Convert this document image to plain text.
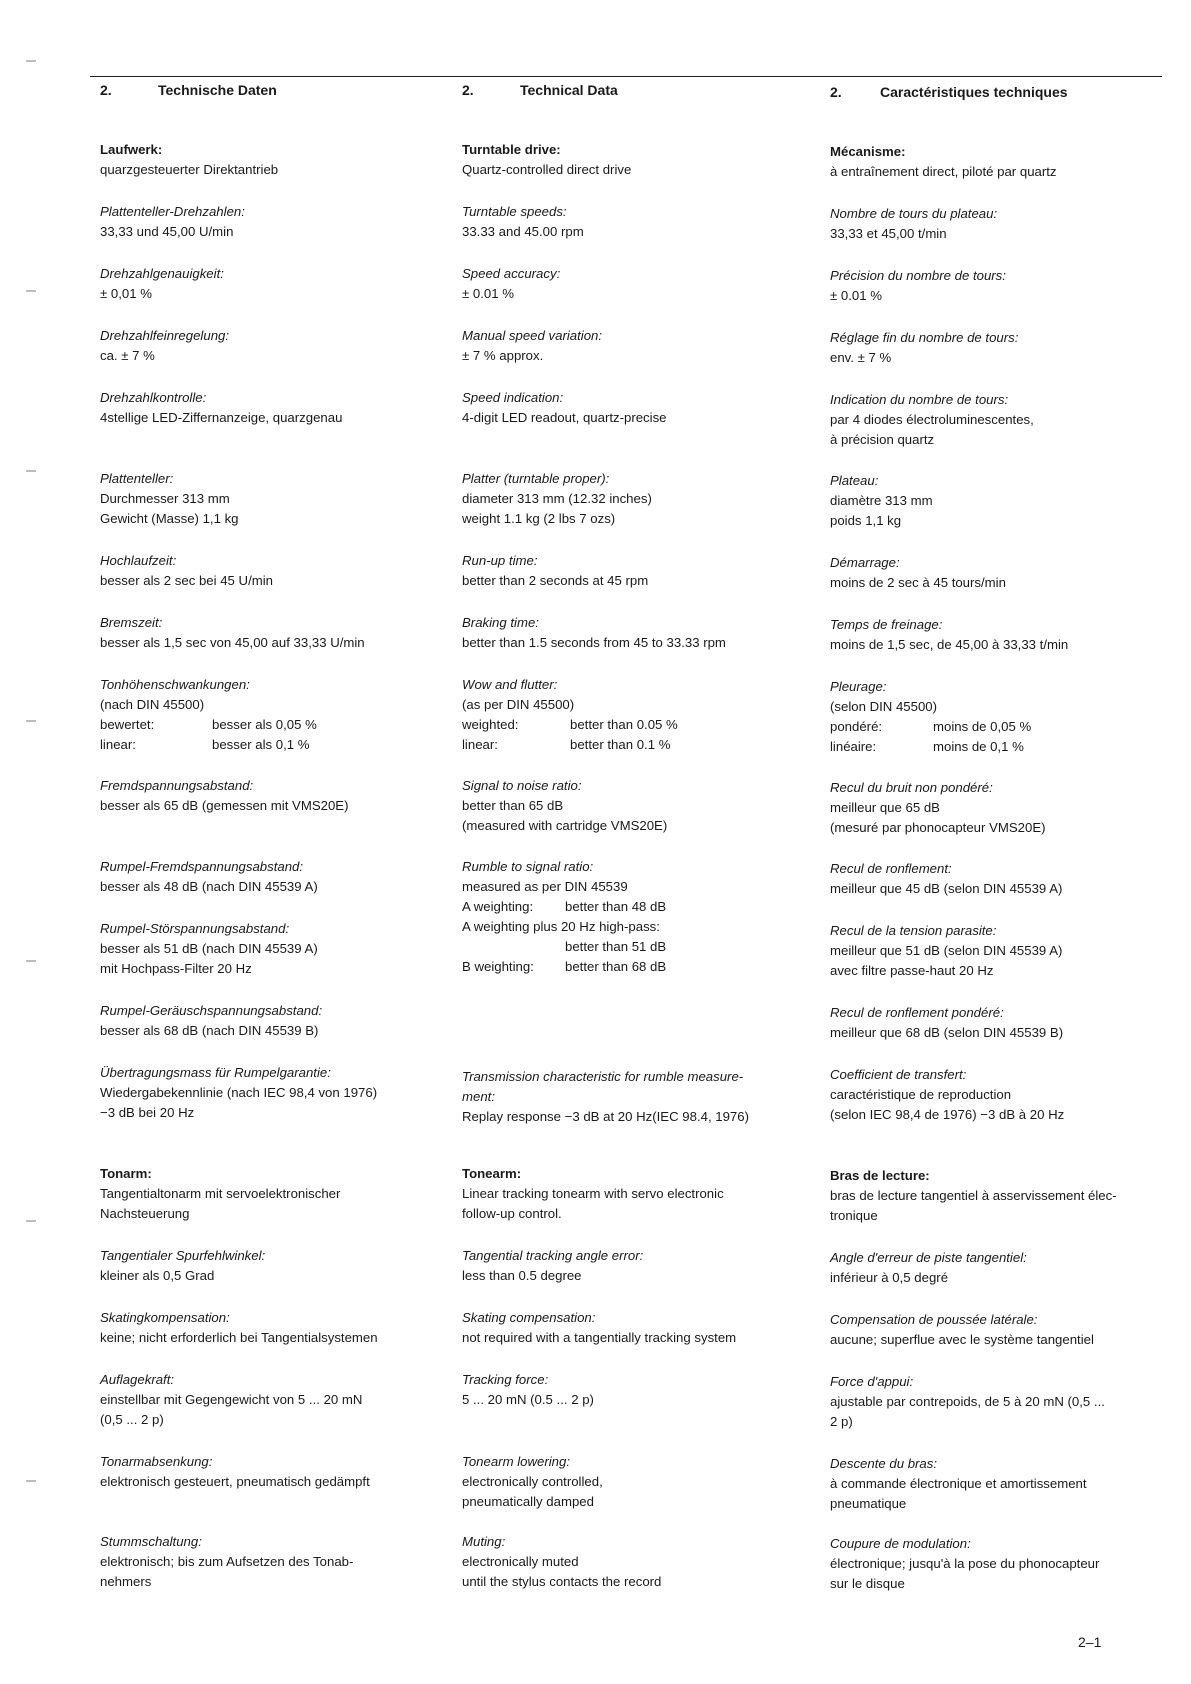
2.	Technische Daten
Laufwerk:
quarzgesteuerter Direktantrieb
Plattenteller-Drehzahlen:
33,33 und 45,00 U/min
Drehzahlgenauigkeit:
± 0,01 %
Drehzahlfeinregelung:
ca. ± 7 %
Drehzahlkontrolle:
4stellige LED-Ziffernanzeige, quarzgenau
Plattenteller:
Durchmesser 313 mm
Gewicht (Masse) 1,1 kg
Hochlaufzeit:
besser als 2 sec bei 45 U/min
Bremszeit:
besser als 1,5 sec von 45,00 auf 33,33 U/min
Tonhöhenschwankungen:
(nach DIN 45500)
bewertet:	besser als 0,05 %
linear:	besser als 0,1 %
Fremdspannungsabstand:
besser als 65 dB (gemessen mit VMS20E)
Rumpel-Fremdspannungsabstand:
besser als 48 dB (nach DIN 45539 A)
Rumpel-Störspannungsabstand:
besser als 51 dB (nach DIN 45539 A)
mit Hochpass-Filter 20 Hz
Rumpel-Geräuschspannungsabstand:
besser als 68 dB (nach DIN 45539 B)
Übertragungsmass für Rumpelgarantie:
Wiedergabekennlinie (nach IEC 98,4 von 1976)
−3 dB bei 20 Hz
Tonarm:
Tangentialtonarm mit servoelektronischer
Nachsteuerung
Tangentialer Spurfehlwinkel:
kleiner als 0,5 Grad
Skatingkompensation:
keine; nicht erforderlich bei Tangentialsystemen
Auflagekraft:
einstellbar mit Gegengewicht von 5 ... 20 mN
(0,5 ... 2 p)
Tonarmabsenkung:
elektronisch gesteuert, pneumatisch gedämpft
Stummschaltung:
elektronisch; bis zum Aufsetzen des Tonab-
nehmers
2.	Technical Data
Turntable drive:
Quartz-controlled direct drive
Turntable speeds:
33.33 and 45.00 rpm
Speed accuracy:
± 0.01 %
Manual speed variation:
± 7 % approx.
Speed indication:
4-digit LED readout, quartz-precise
Platter (turntable proper):
diameter 313 mm (12.32 inches)
weight 1.1 kg (2 lbs 7 ozs)
Run-up time:
better than 2 seconds at 45 rpm
Braking time:
better than 1.5 seconds from 45 to 33.33 rpm
Wow and flutter:
(as per DIN 45500)
weighted:	better than 0.05 %
linear:	better than 0.1 %
Signal to noise ratio:
better than 65 dB
(measured with cartridge VMS20E)
Rumble to signal ratio:
measured as per DIN 45539
A weighting:	better than 48 dB
A weighting plus 20 Hz high-pass:
better than 51 dB
B weighting:	better than 68 dB
Transmission characteristic for rumble measure-
ment:
Replay response −3 dB at 20 Hz(IEC 98.4, 1976)
Tonearm:
Linear tracking tonearm with servo electronic
follow-up control.
Tangential tracking angle error:
less than 0.5 degree
Skating compensation:
not required with a tangentially tracking system
Tracking force:
5 ... 20 mN (0.5 ... 2 p)
Tonearm lowering:
electronically controlled,
pneumatically damped
Muting:
electronically muted
until the stylus contacts the record
2.	Caractéristiques techniques
Mécanisme:
à entraînement direct, piloté par quartz
Nombre de tours du plateau:
33,33 et 45,00 t/min
Précision du nombre de tours:
± 0.01 %
Réglage fin du nombre de tours:
env. ± 7 %
Indication du nombre de tours:
par 4 diodes électroluminescentes,
à précision quartz
Plateau:
diamètre 313 mm
poids 1,1 kg
Démarrage:
moins de 2 sec à 45 tours/min
Temps de freinage:
moins de 1,5 sec, de 45,00 à 33,33 t/min
Pleurage:
(selon DIN 45500)
pondéré:	moins de 0,05 %
linéaire:	moins de 0,1 %
Recul du bruit non pondéré:
meilleur que 65 dB
(mesuré par phonocapteur VMS20E)
Recul de ronflement:
meilleur que 45 dB (selon DIN 45539 A)
Recul de la tension parasite:
meilleur que 51 dB (selon DIN 45539 A)
avec filtre passe-haut 20 Hz
Recul de ronflement pondéré:
meilleur que 68 dB (selon DIN 45539 B)
Coefficient de transfert:
caractéristique de reproduction
(selon IEC 98,4 de 1976) −3 dB à 20 Hz
Bras de lecture:
bras de lecture tangentiel à asservissement élec-
tronique
Angle d'erreur de piste tangentiel:
inférieur à 0,5 degré
Compensation de poussée latérale:
aucune; superflue avec le système tangentiel
Force d'appui:
ajustable par contrepoids, de 5 à 20 mN (0,5 ...
2 p)
Descente du bras:
à commande électronique et amortissement
pneumatique
Coupure de modulation:
électronique; jusqu'à la pose du phonocapteur
sur le disque
2–1
